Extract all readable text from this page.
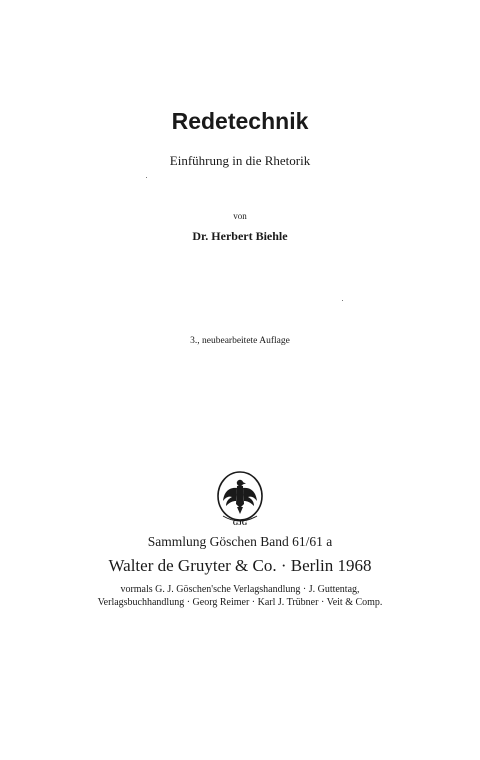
Redetechnik
Einführung in die Rhetorik
von
Dr. Herbert Biehle
3., neubearbeitete Auflage
GJG
Sammlung Göschen Band 61/61 a
Walter de Gruyter & Co. · Berlin 1968
vormals G. J. Göschen'sche Verlagshandlung · J. Guttentag,
Verlagsbuchhandlung · Georg Reimer · Karl J. Trübner · Veit & Comp.
